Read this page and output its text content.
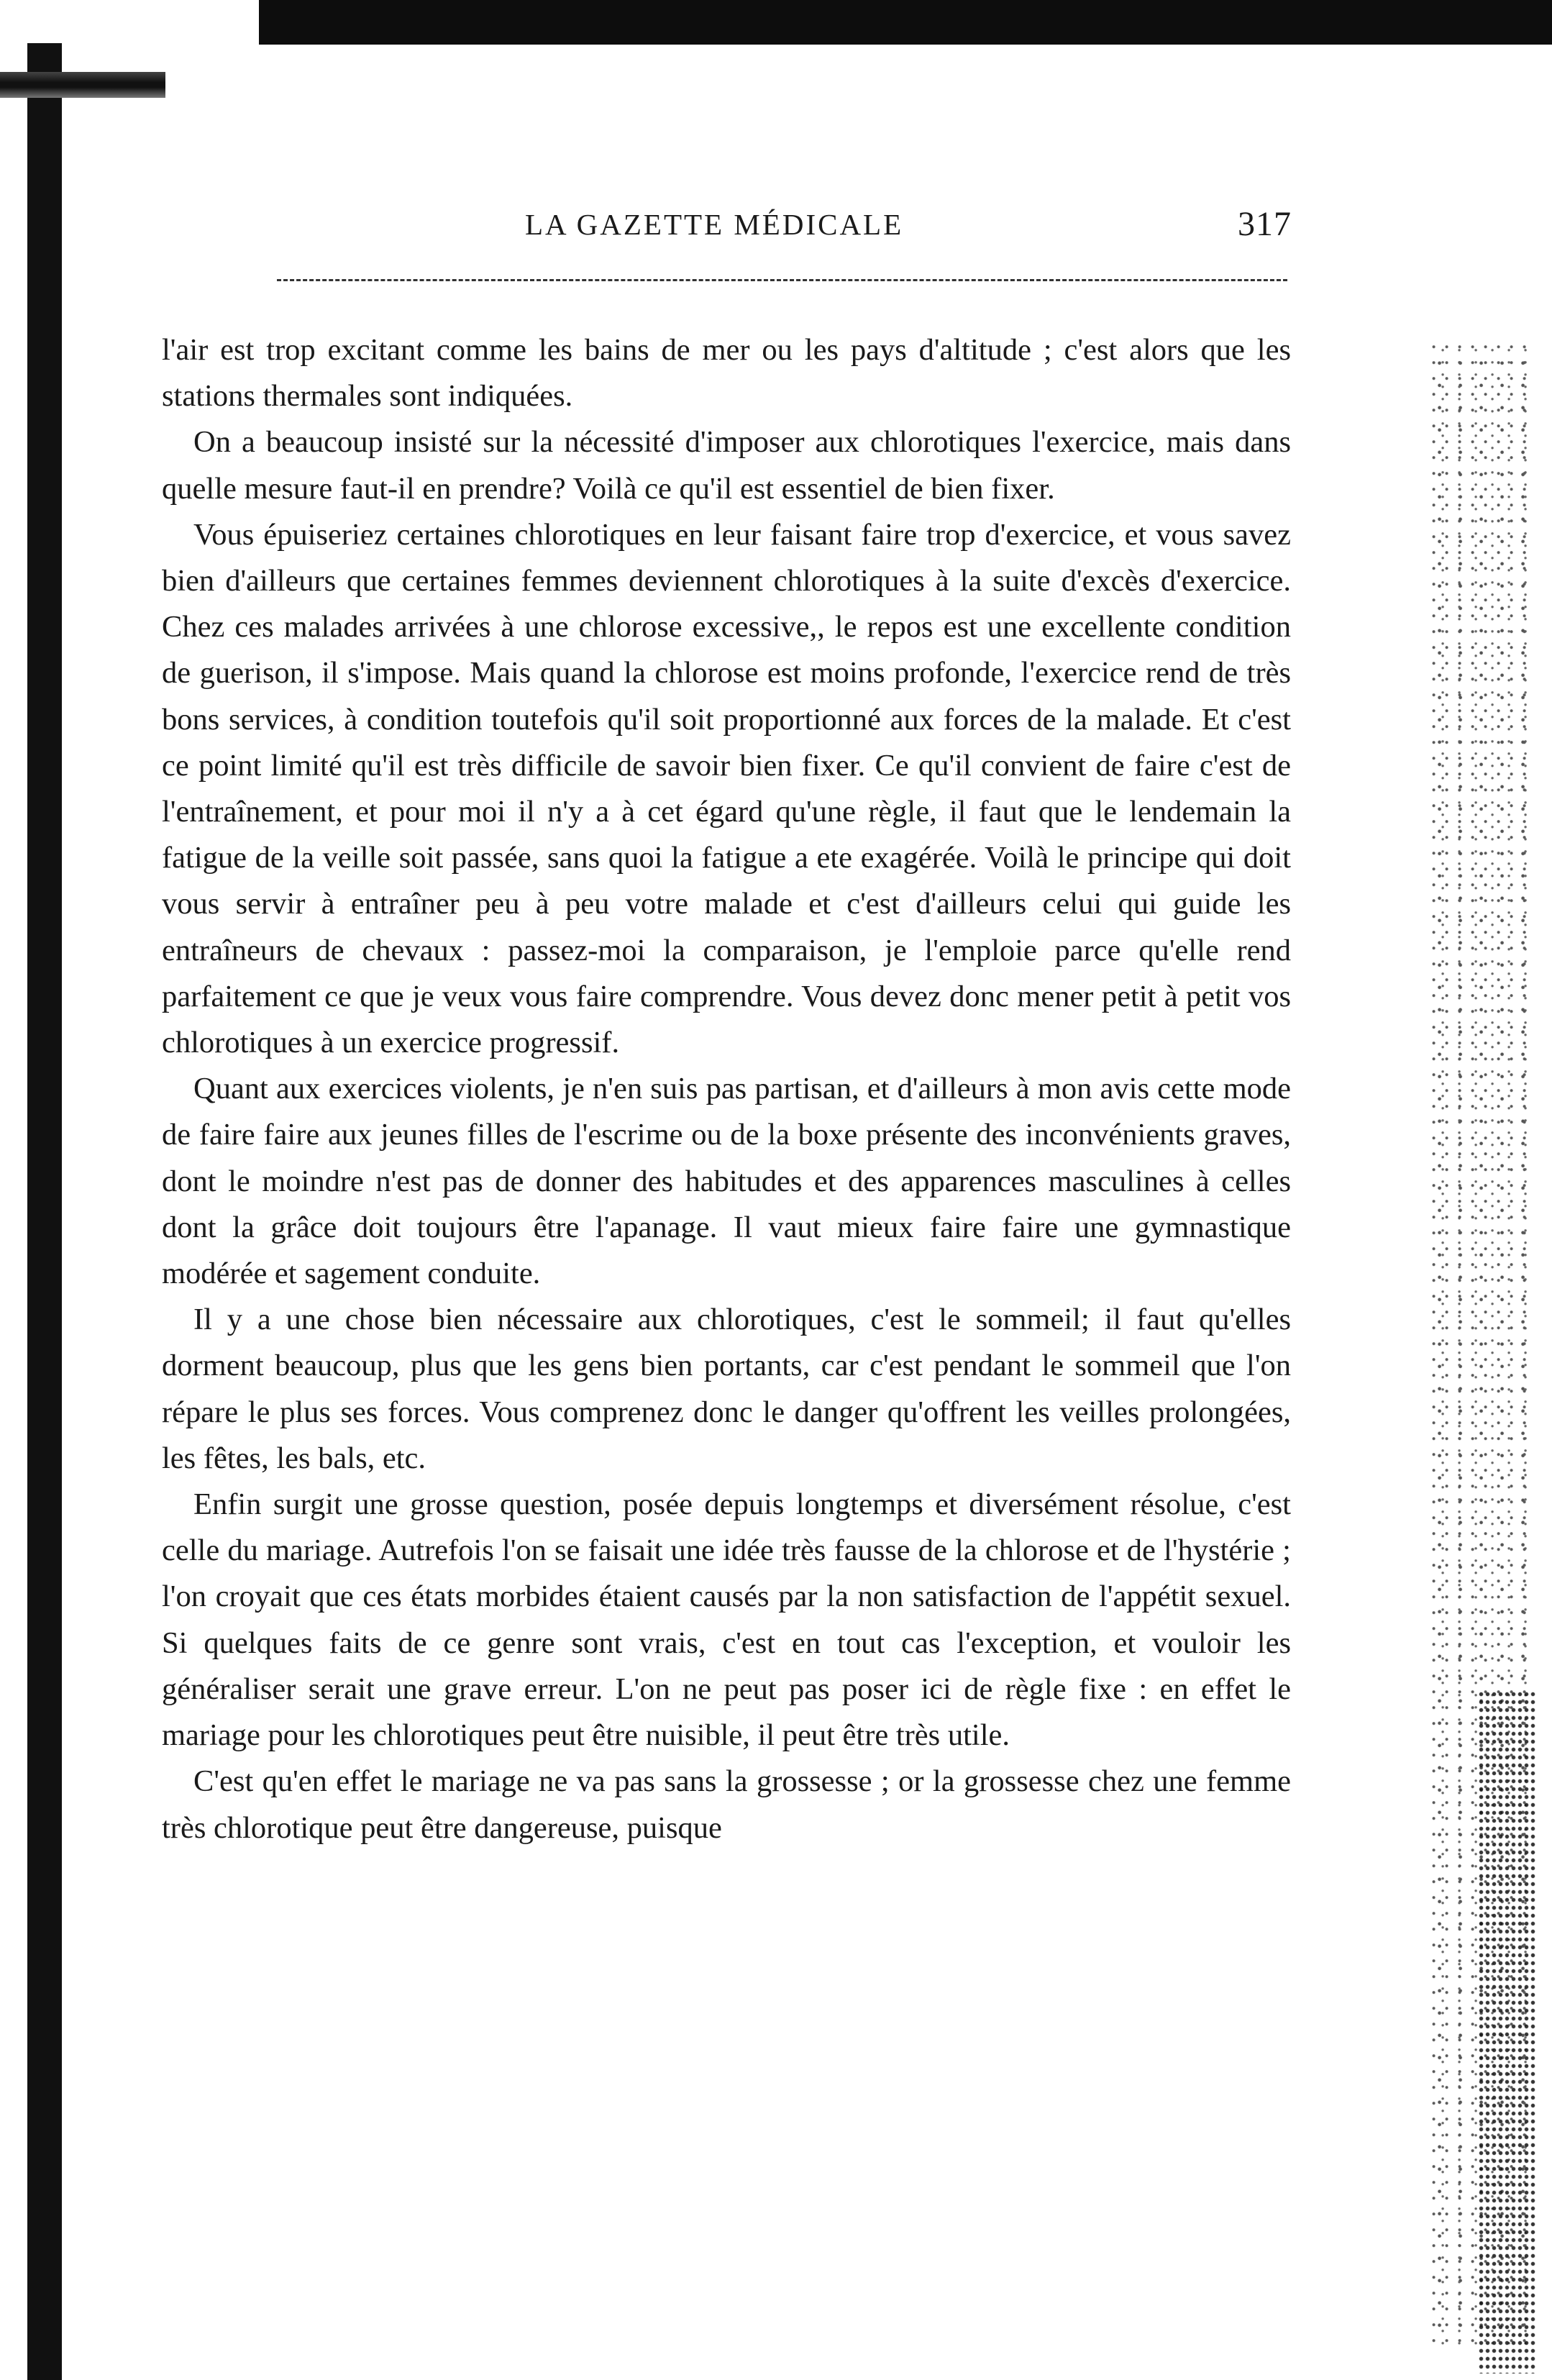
LA GAZETTE MÉDICALE	317

l'air est trop excitant comme les bains de mer ou les pays d'altitude ; c'est alors que les stations thermales sont indiquées.

On a beaucoup insisté sur la nécessité d'imposer aux chlorotiques l'exercice, mais dans quelle mesure faut-il en prendre? Voilà ce qu'il est essentiel de bien fixer.

Vous épuiseriez certaines chlorotiques en leur faisant faire trop d'exercice, et vous savez bien d'ailleurs que certaines femmes deviennent chlorotiques à la suite d'excès d'exercice. Chez ces malades arrivées à une chlorose excessive,, le repos est une excellente condition de guerison, il s'impose. Mais quand la chlorose est moins profonde, l'exercice rend de très bons services, à condition toutefois qu'il soit proportionné aux forces de la malade. Et c'est ce point limité qu'il est très difficile de savoir bien fixer. Ce qu'il convient de faire c'est de l'entraînement, et pour moi il n'y a à cet égard qu'une règle, il faut que le lendemain la fatigue de la veille soit passée, sans quoi la fatigue a ete exagérée. Voilà le principe qui doit vous servir à entraîner peu à peu votre malade et c'est d'ailleurs celui qui guide les entraîneurs de chevaux : passez-moi la comparaison, je l'emploie parce qu'elle rend parfaitement ce que je veux vous faire comprendre. Vous devez donc mener petit à petit vos chlorotiques à un exercice progressif.

Quant aux exercices violents, je n'en suis pas partisan, et d'ailleurs à mon avis cette mode de faire faire aux jeunes filles de l'escrime ou de la boxe présente des inconvénients graves, dont le moindre n'est pas de donner des habitudes et des apparences masculines à celles dont la grâce doit toujours être l'apanage. Il vaut mieux faire faire une gymnastique modérée et sagement conduite.

Il y a une chose bien nécessaire aux chlorotiques, c'est le sommeil; il faut qu'elles dorment beaucoup, plus que les gens bien portants, car c'est pendant le sommeil que l'on répare le plus ses forces. Vous comprenez donc le danger qu'offrent les veilles prolongées, les fêtes, les bals, etc.

Enfin surgit une grosse question, posée depuis longtemps et diversément résolue, c'est celle du mariage. Autrefois l'on se faisait une idée très fausse de la chlorose et de l'hystérie ; l'on croyait que ces états morbides étaient causés par la non satisfaction de l'appétit sexuel. Si quelques faits de ce genre sont vrais, c'est en tout cas l'exception, et vouloir les généraliser serait une grave erreur. L'on ne peut pas poser ici de règle fixe : en effet le mariage pour les chlorotiques peut être nuisible, il peut être très utile.

C'est qu'en effet le mariage ne va pas sans la grossesse ; or la grossesse chez une femme très chlorotique peut être dangereuse, puisque
